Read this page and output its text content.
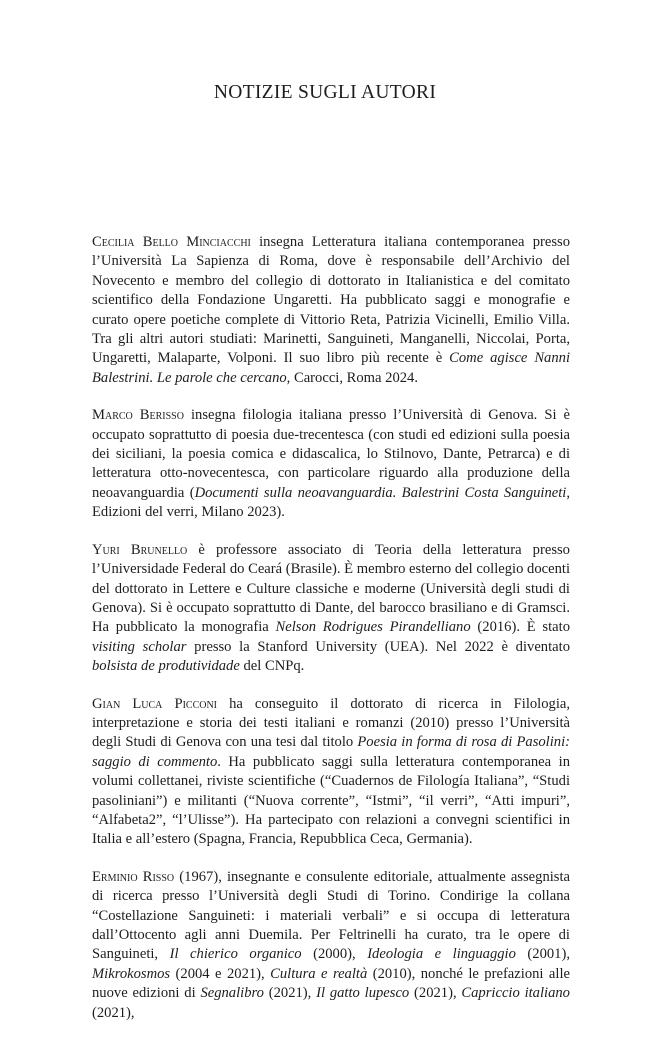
NOTIZIE SUGLI AUTORI

Cecilia Bello Minciacchi insegna Letteratura italiana contemporanea presso l’Università La Sapienza di Roma, dove è responsabile dell’Archivio del Novecento e membro del collegio di dottorato in Italianistica e del comitato scientifico della Fondazione Ungaretti. Ha pubblicato saggi e monografie e curato opere poetiche complete di Vittorio Reta, Patrizia Vicinelli, Emilio Villa. Tra gli altri autori studiati: Marinetti, Sanguineti, Manganelli, Niccolai, Porta, Ungaretti, Malaparte, Volponi. Il suo libro più recente è Come agisce Nanni Balestrini. Le parole che cercano, Carocci, Roma 2024.

Marco Berisso insegna filologia italiana presso l’Università di Genova. Si è occupato soprattutto di poesia due-trecentesca (con studi ed edizioni sulla poesia dei siciliani, la poesia comica e didascalica, lo Stilnovo, Dante, Petrarca) e di letteratura otto-novecentesca, con particolare riguardo alla produzione della neoavanguardia (Documenti sulla neoavanguardia. Balestrini Costa Sanguineti, Edizioni del verri, Milano 2023).

Yuri Brunello è professore associato di Teoria della letteratura presso l’Universidade Federal do Ceará (Brasile). È membro esterno del collegio docenti del dottorato in Lettere e Culture classiche e moderne (Università degli studi di Genova). Si è occupato soprattutto di Dante, del barocco brasiliano e di Gramsci. Ha pubblicato la monografia Nelson Rodrigues Pirandelliano (2016). È stato visiting scholar presso la Stanford University (UEA). Nel 2022 è diventato bolsista de produtividade del CNPq.

Gian Luca Picconi ha conseguito il dottorato di ricerca in Filologia, interpretazione e storia dei testi italiani e romanzi (2010) presso l’Università degli Studi di Genova con una tesi dal titolo Poesia in forma di rosa di Pasolini: saggio di commento. Ha pubblicato saggi sulla letteratura contemporanea in volumi collettanei, riviste scientifiche (“Cuadernos de Filología Italiana”, “Studi pasoliniani”) e militanti (“Nuova corrente”, “Istmi”, “il verri”, “Atti impuri”, “Alfabeta2”, “l’Ulisse”). Ha partecipato con relazioni a convegni scientifici in Italia e all’estero (Spagna, Francia, Repubblica Ceca, Germania).

Erminio Risso (1967), insegnante e consulente editoriale, attualmente assegnista di ricerca presso l’Università degli Studi di Torino. Condirige la collana “Costellazione Sanguineti: i materiali verbali” e si occupa di letteratura dall’Ottocento agli anni Duemila. Per Feltrinelli ha curato, tra le opere di Sanguineti, Il chierico organico (2000), Ideologia e linguaggio (2001), Mikrokosmos (2004 e 2021), Cultura e realtà (2010), nonché le prefazioni alle nuove edizioni di Segnalibro (2021), Il gatto lupesco (2021), Capriccio italiano (2021),
